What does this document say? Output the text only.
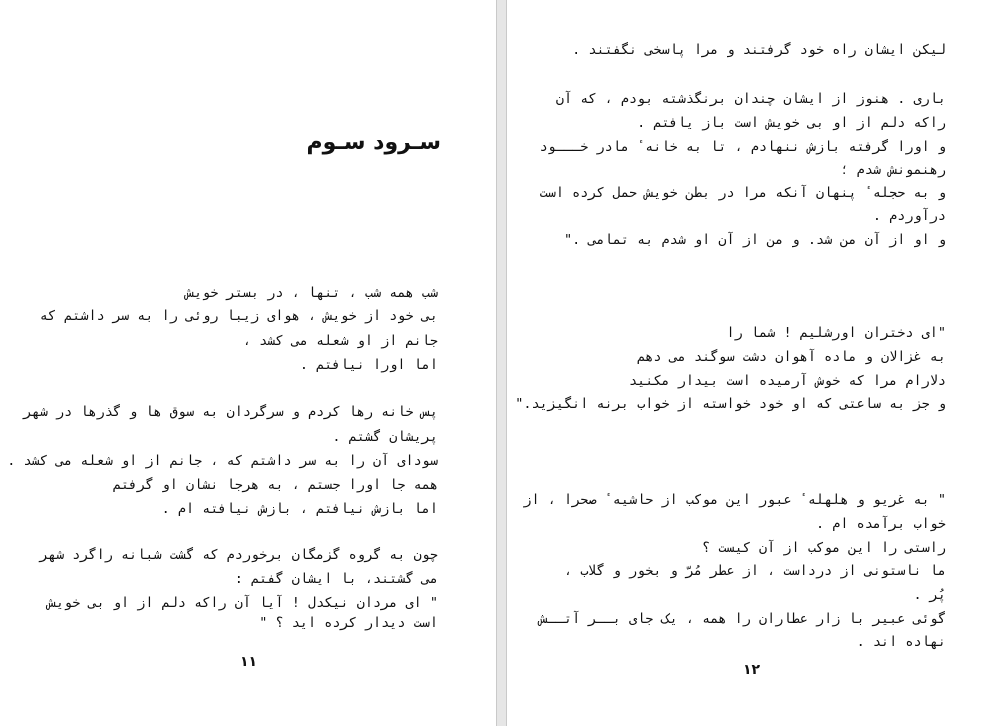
سـرود سـوم
شب همه شب ، تنها ، در بستر خویش
بی خود از خویش ، هوای زیبا روئی را به سر داشتم که
جانم از او شعله می کشد ،
اما اورا نیافتم .
پس خانه رها کردم و سرگردان به سوق ها و گذرها در شهر
پریشان گشتم .
سودای آن را به سر داشتم که ، جانم از او شعله می کشد .
همه جا اورا جستم ، به هرجا نشان او گرفتم
اما بازش نیافتم ، بازش نیافته ام .
چون به گروه گزمگان برخوردم که گشت شبانه راگرد شهر
می گشتند، با ایشان گفتم :
" ای مردان نیکدل ! آیا آن راکه دلم از او بی خویش
است دیدار کرده اید ؟ "
١١
لیکن ایشان راه خود گرفتند و مرا پاسخی نگفتند .
باری . هنوز از ایشان چندان برنگذشته بودم ، که آن
راکه دلم از او بی خویش است باز یافتم .
و اورا گرفته بازش ننهادم ، تا به خانه ٔ مادر خـــود
رهنمونش شدم ؛
و به حجله ٔ پنهان آنکه مرا در بطن خویش حمل کرده است
درآوردم .
و او از آن من شد. و من از آن او شدم به تمامی ."
"ای دختران اورشلیم ! شما را
به غزالان و ماده آهوان دشت سوگند می دهم
دلارام مرا که خوش آرمیده است بیدار مکنید
و جز به ساعتی که او خود خواسته از خواب برنه انگیزید."
" به غریو و هلهله ٔ عبور این موکب از حاشیه ٔ صحرا ، از
خواب برآمده ام .
راستی را این موکب از آن کیست ؟
ما ناستونی از درداست ، از عطر مُرّ و بخور و گلاب ،
پُر .
گوئی عبیر با زار عطاران را همه ، یک جای بــر آتــش
نهاده اند .
١٢
